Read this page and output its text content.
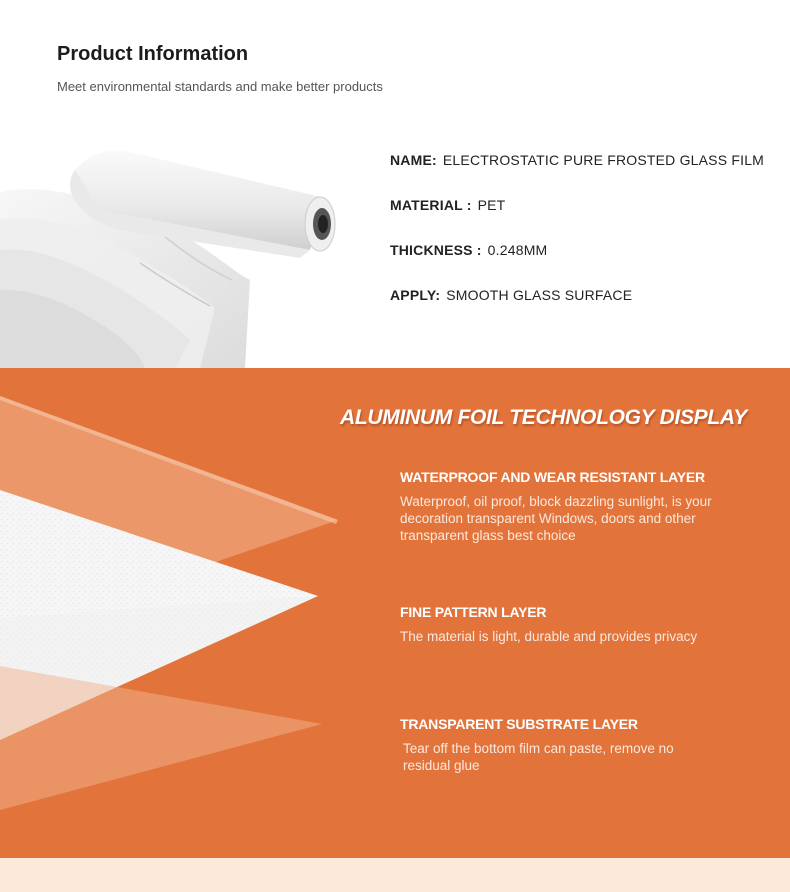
Product Information
Meet environmental standards and make better products
NAME: ELECTROSTATIC PURE FROSTED GLASS FILM
MATERIAL : PET
THICKNESS : 0.248MM
APPLY: SMOOTH GLASS SURFACE
ALUMINUM FOIL TECHNOLOGY DISPLAY
WATERPROOF AND WEAR RESISTANT LAYER
Waterproof, oil proof, block dazzling sunlight, is your decoration transparent Windows, doors and other transparent glass best choice
FINE PATTERN LAYER
The material is light, durable and provides privacy
TRANSPARENT SUBSTRATE LAYER
Tear off the bottom film can paste, remove no residual glue
